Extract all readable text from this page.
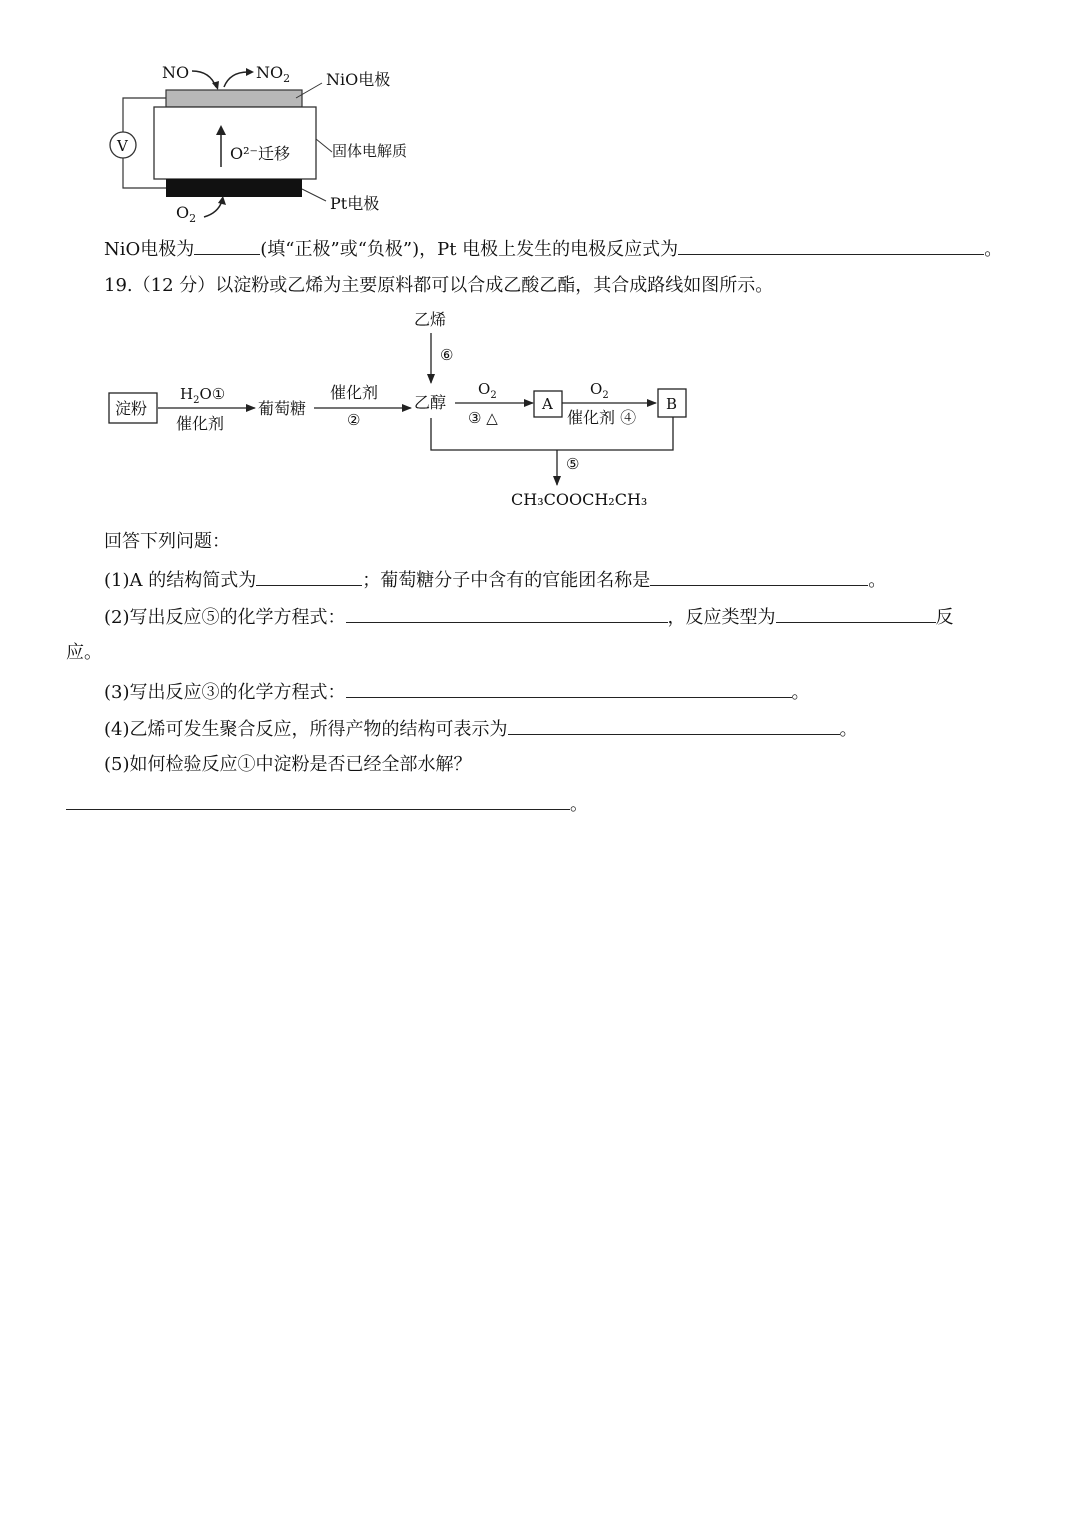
NO	$NO_2$ NiO电极
O²⁻迁移	固体电解质
Pt电极
$O_2$
V
NiO电极为	(填“正极”或“负极”)，Pt 电极上发生的电极反应式为	。
19.（12 分）以淀粉或乙烯为主要原料都可以合成乙酸乙酯，其合成路线如图所示。
淀粉
$H_2O①$
催化剂
葡萄糖
催化剂
②
乙烯
⑥
乙醇
$O_2$
③ △
A
$O_2$
催化剂 ④
B
⑤
CH₃COOCH₂CH₃
回答下列问题：
(1)A 的结构简式为	；葡萄糖分子中含有的官能团名称是	。
(2)写出反应⑤的化学方程式：	，反应类型为	反
应。
(3)写出反应③的化学方程式：	。
(4)乙烯可发生聚合反应，所得产物的结构可表示为	。
(5)如何检验反应①中淀粉是否已经全部水解？
。
